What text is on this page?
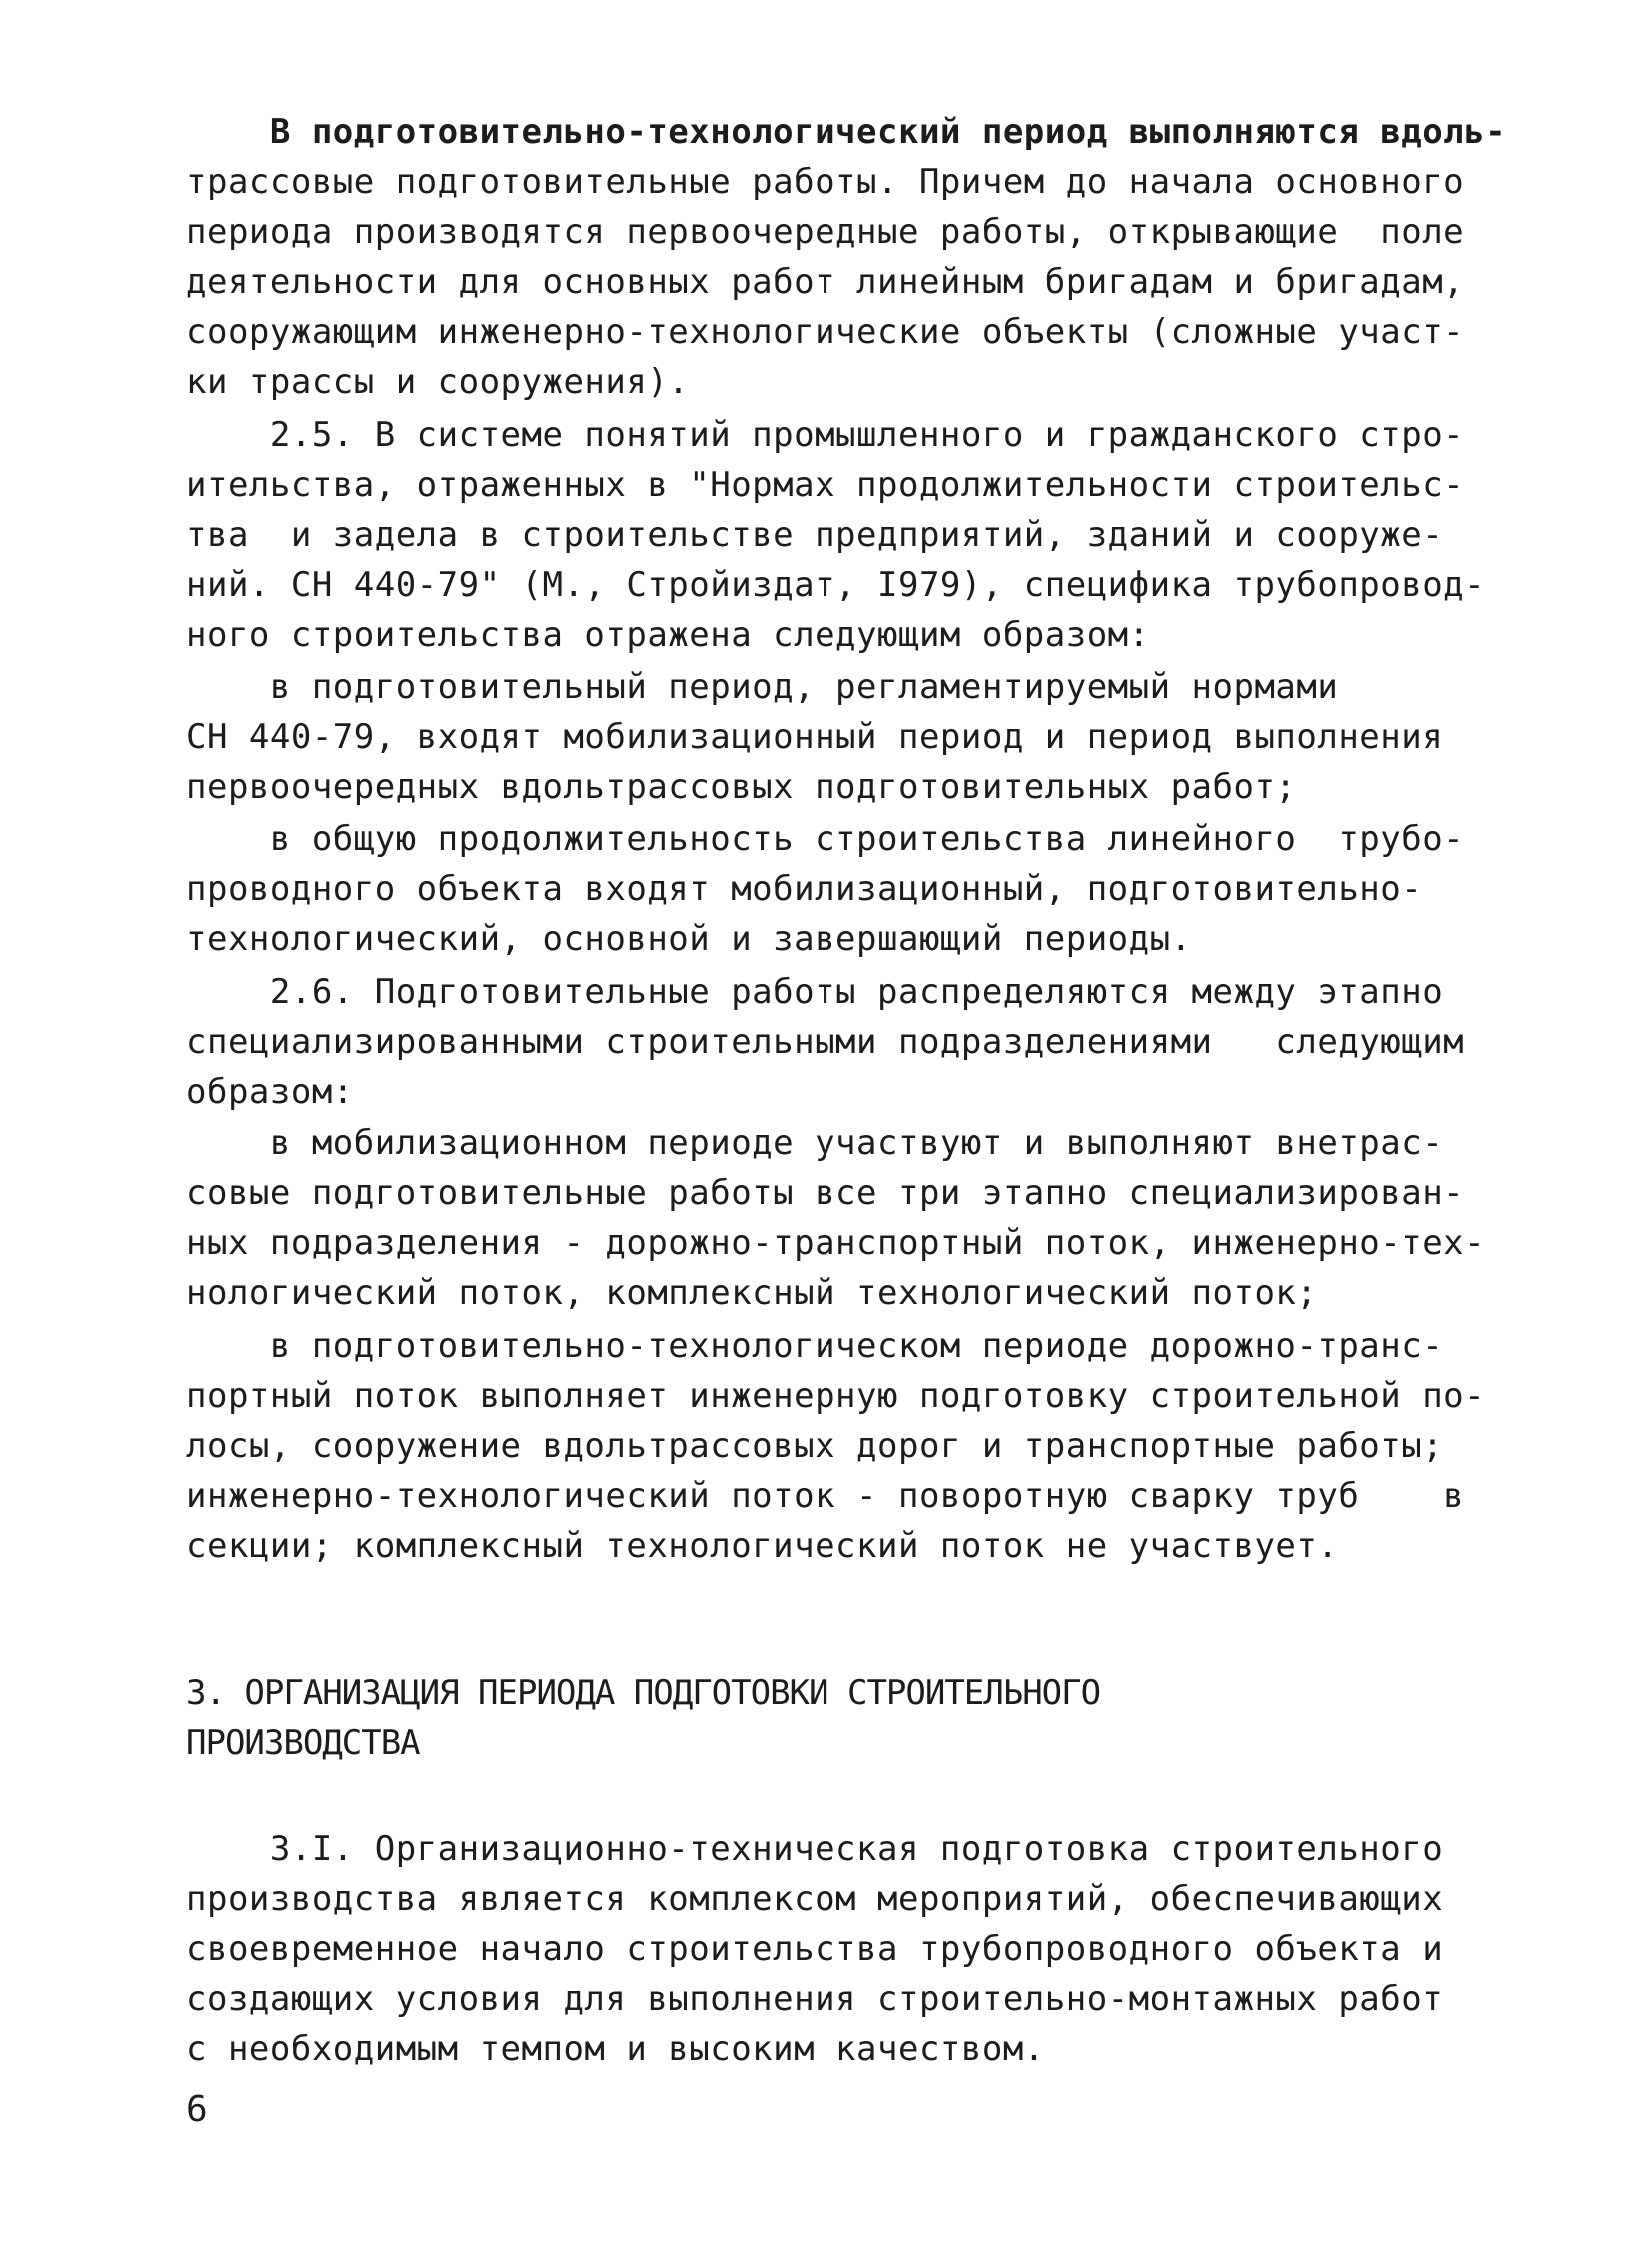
В подготовительно-технологический период выполняются вдоль-
трассовые подготовительные работы. Причем до начала основного
периода производятся первоочередные работы, открывающие  поле
деятельности для основных работ линейным бригадам и бригадам,
сооружающим инженерно-технологические объекты (сложные участ-
ки трассы и сооружения).
2.5. В системе понятий промышленного и гражданского стро-
ительства, отраженных в "Нормах продолжительности строительс-
тва  и задела в строительстве предприятий, зданий и сооруже-
ний. СН 440-79" (М., Стройиздат, I979), специфика трубопровод-
ного строительства отражена следующим образом:
в подготовительный период, регламентируемый нормами
СН 440-79, входят мобилизационный период и период выполнения
первоочередных вдольтрассовых подготовительных работ;
в общую продолжительность строительства линейного  трубо-
проводного объекта входят мобилизационный, подготовительно-
технологический, основной и завершающий периоды.
2.6. Подготовительные работы распределяются между этапно
специализированными строительными подразделениями   следующим
образом:
в мобилизационном периоде участвуют и выполняют внетрас-
совые подготовительные работы все три этапно специализирован-
ных подразделения - дорожно-транспортный поток, инженерно-тех-
нологический поток, комплексный технологический поток;
в подготовительно-технологическом периоде дорожно-транс-
портный поток выполняет инженерную подготовку строительной по-
лосы, сооружение вдольтрассовых дорог и транспортные работы;
инженерно-технологический поток - поворотную сварку труб    в
секции; комплексный технологический поток не участвует.
3. ОРГАНИЗАЦИЯ ПЕРИОДА ПОДГОТОВКИ СТРОИТЕЛЬНОГО
ПРОИЗВОДСТВА
3.I. Организационно-техническая подготовка строительного
производства является комплексом мероприятий, обеспечивающих
своевременное начало строительства трубопроводного объекта и
создающих условия для выполнения строительно-монтажных работ
с необходимым темпом и высоким качеством.
6
